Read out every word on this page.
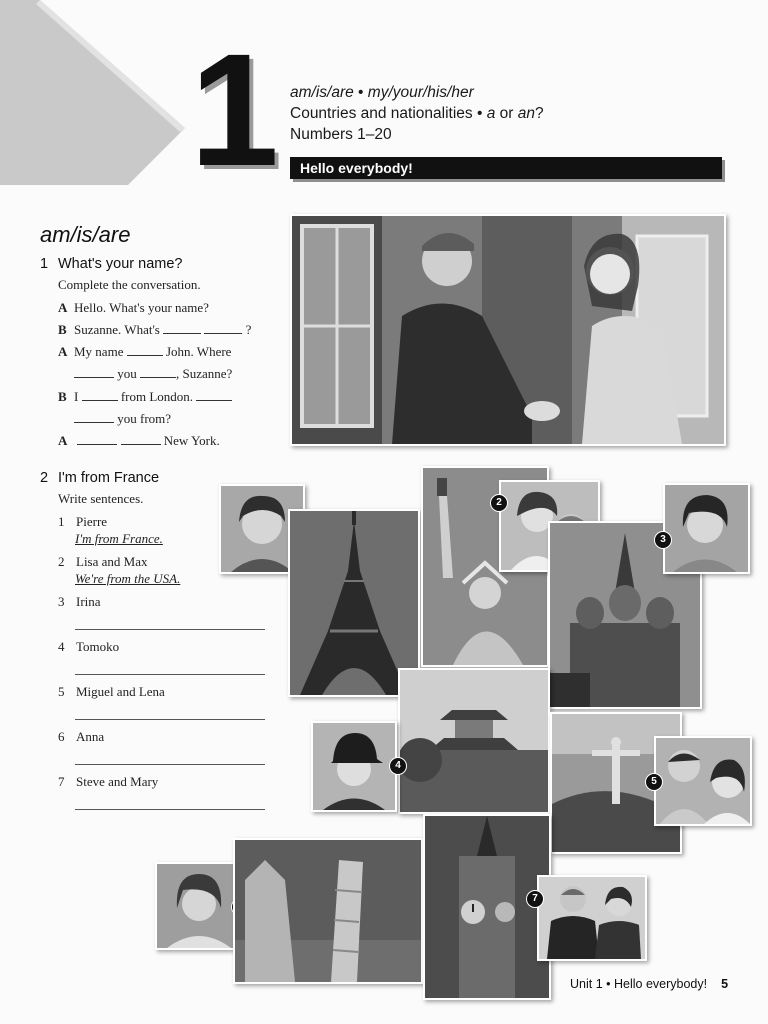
1 am/is/are • my/your/his/her
Countries and nationalities • a or an?
Numbers 1–20
Hello everybody!
am/is/are
1 What's your name?
Complete the conversation.
A Hello. What's your name?
B Suzanne. What's	?
A My name	John. Where
you	, Suzanne?
B I	from London.
you from?
A	New York.
2 I'm from France
Write sentences.
1 Pierre
I'm from France.
2 Lisa and Max
We're from the USA.
3 Irina
4 Tomoko
5 Miguel and Lena
6 Anna
7 Steve and Mary
2
3
4
5
7
Unit 1 • Hello everybody! 5
